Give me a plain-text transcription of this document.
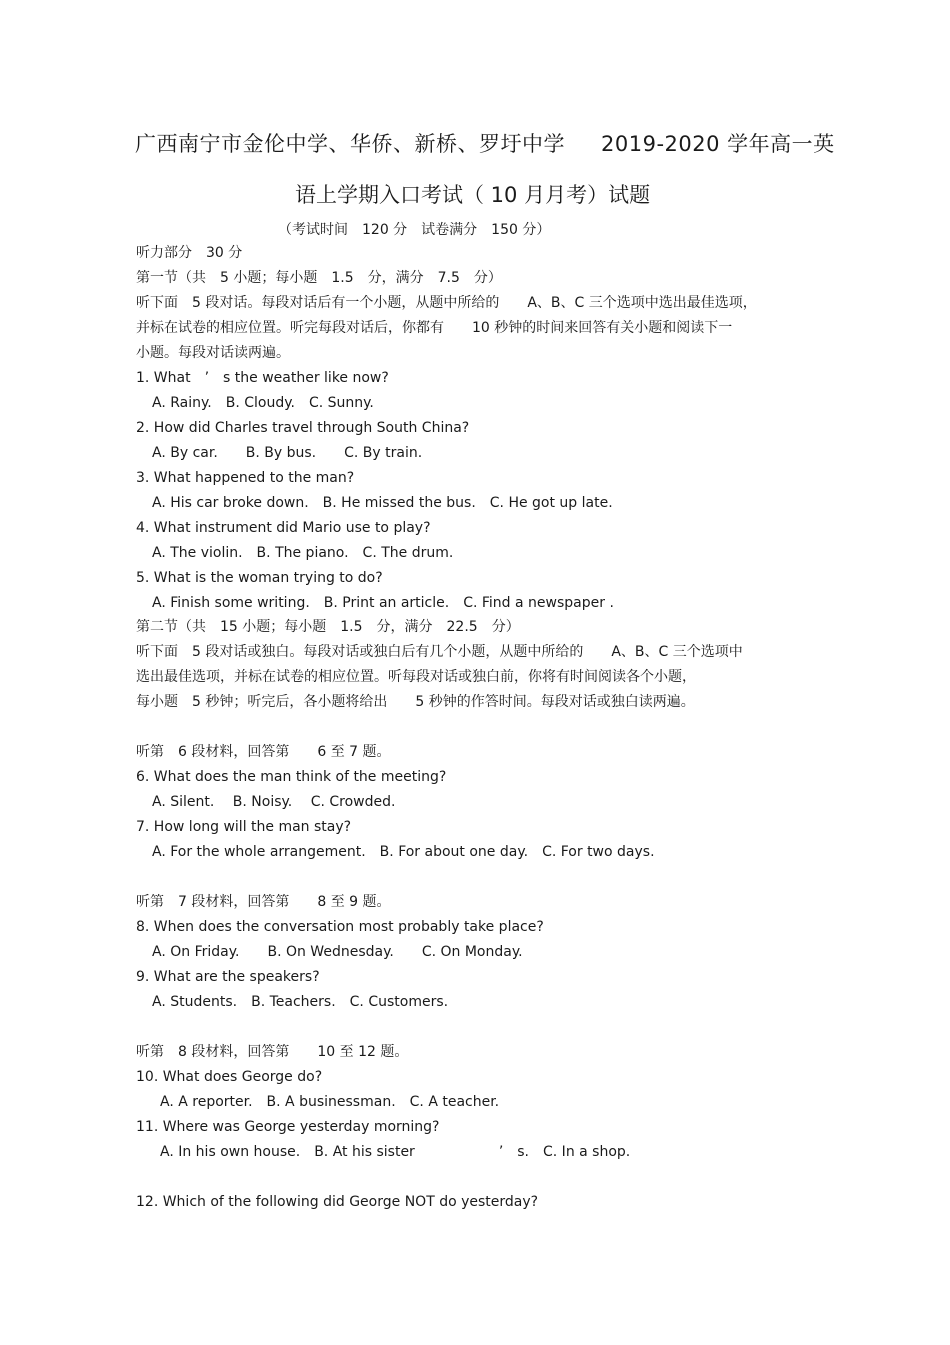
广西南宁市金伦中学、华侨、新桥、罗圩中学 2019-2020 学年高一英
语上学期入口考试（ 10 月月考）试题
（考试时间　120 分　试卷满分　150 分）
听力部分　30 分
第一节（共　5 小题；每小题　1.5　分，满分　7.5　分）
听下面　5 段对话。每段对话后有一个小题，从题中所给的　　A、B、C 三个选项中选出最佳选项，
并标在试卷的相应位置。听完每段对话后，你都有　　10 秒钟的时间来回答有关小题和阅读下一
小题。每段对话读两遍。
1. What　’　s the weather like now?
A. Rainy.　B. Cloudy.　C. Sunny.
2. How did Charles travel through South China?
A. By car.　　B. By bus.　　C. By train.
3. What happened to the man?
A. His car broke down.　B. He missed the bus.　C. He got up late.
4. What instrument did Mario use to play?
A. The violin.　B. The piano.　C. The drum.
5. What is the woman trying to do?
A. Finish some writing.　B. Print an article.　C. Find a newspaper .
第二节（共　15 小题；每小题　1.5　分，满分　22.5　分）
听下面　5 段对话或独白。每段对话或独白后有几个小题，从题中所给的　　A、B、C 三个选项中
选出最佳选项，并标在试卷的相应位置。听每段对话或独白前，你将有时间阅读各个小题，
每小题　5 秒钟；听完后，各小题将给出　　5 秒钟的作答时间。每段对话或独白读两遍。
听第　6 段材料，回答第　　6 至 7 题。
6. What does the man think of the meeting?
A. Silent.　 B. Noisy.　 C. Crowded.
7. How long will the man stay?
A. For the whole arrangement.　B. For about one day.　C. For two days.
听第　7 段材料，回答第　　8 至 9 题。
8. When does the conversation most probably take place?
A. On Friday.　　B. On Wednesday.　　C. On Monday.
9. What are the speakers?
A. Students.　B. Teachers.　C. Customers.
听第　8 段材料，回答第　　10 至 12 题。
10. What does George do?
A. A reporter.　B. A businessman.　C. A teacher.
11. Where was George yesterday morning?
A. In his own house.　B. At his sister　　　　　　’　s.　C. In a shop.
12. Which of the following did George NOT do yesterday?
